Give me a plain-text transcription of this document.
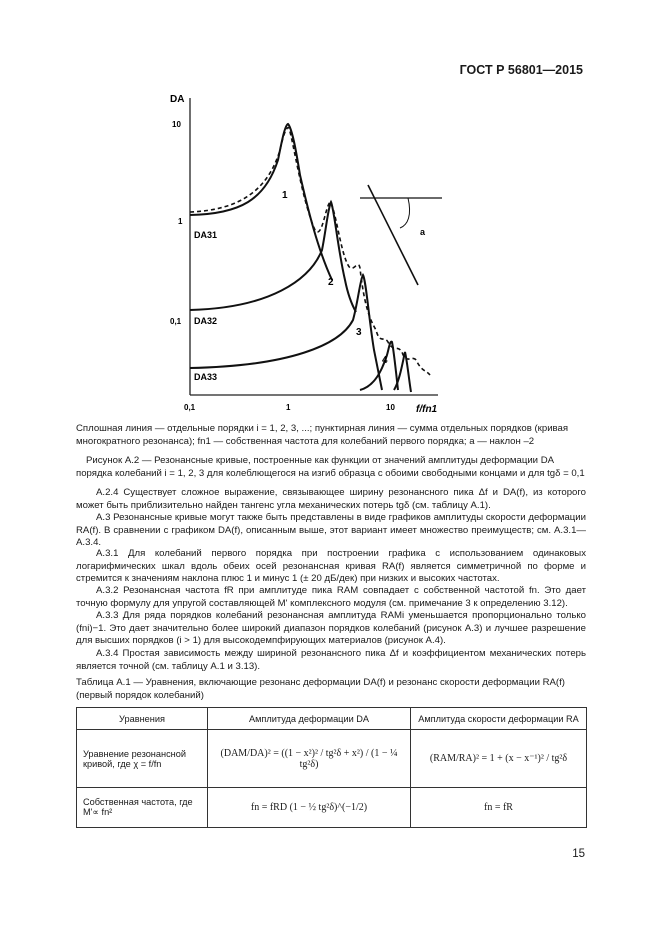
ГОСТ Р 56801—2015
DA
10
1
0,1
0,1	1	10 f/fn1
1
2
3
4
DA31
DA32
DA33
а
Сплошная линия — отдельные порядки i = 1, 2, 3, ...; пунктирная линия — сумма отдельных порядков (кривая многократного резонанса); fn1 — собственная частота для колебаний первого порядка; а — наклон –2
Рисунок А.2 — Резонансные кривые, построенные как функции от значений амплитуды деформации DA порядка колебаний i = 1, 2, 3 для колеблющегося на изгиб образца с обоими свободными концами и для tgδ = 0,1
А.2.4 Существует сложное выражение, связывающее ширину резонансного пика Δf и DA(f), из которого может быть приблизительно найден тангенс угла механических потерь tgδ (см. таблицу А.1).
А.3 Резонансные кривые могут также быть представлены в виде графиков амплитуды скорости деформации RA(f). В сравнении с графиком DA(f), описанным выше, этот вариант имеет множество преимуществ; см. А.3.1—А.3.4.
А.3.1 Для колебаний первого порядка при построении графика с использованием одинаковых логарифмических шкал вдоль обеих осей резонансная кривая RA(f) является симметричной по форме и стремится к значениям наклона плюс 1 и минус 1 (± 20 дБ/дек) при низких и высоких частотах.
А.3.2 Резонансная частота fR при амплитуде пика RAM совпадает с собственной частотой fn. Это дает точную формулу для упругой составляющей М' комплексного модуля (см. примечание 3 к определению 3.12).
А.3.3 Для ряда порядков колебаний резонансная амплитуда RAMi уменьшается пропорционально только (fni)−1. Это дает значительно более широкий диапазон порядков колебаний (рисунок А.3) и лучшее разрешение для высших порядков (i > 1) для высокодемпфирующих материалов (рисунок А.4).
А.3.4 Простая зависимость между шириной резонансного пика Δf и коэффициентом механических потерь является точной (см. таблицу А.1 и 3.13).
Таблица А.1 — Уравнения, включающие резонанс деформации DA(f) и резонанс скорости деформации RA(f) (первый порядок колебаний)
Уравнения	Амплитуда деформации DA	Амплитуда скорости деформации RA
Уравнение резонансной кривой, где χ = f/fn	(DAM/DA)² = ((1 − x²)² / tg²δ + x²) / (1 − ¼ tg²δ)	(RAM/RA)² = 1 + (x − x⁻¹)² / tg²δ
Собственная частота, где M'∝ fn²	fn = fRD (1 − ½ tg²δ)^(−1/2)	fn = fR
15
